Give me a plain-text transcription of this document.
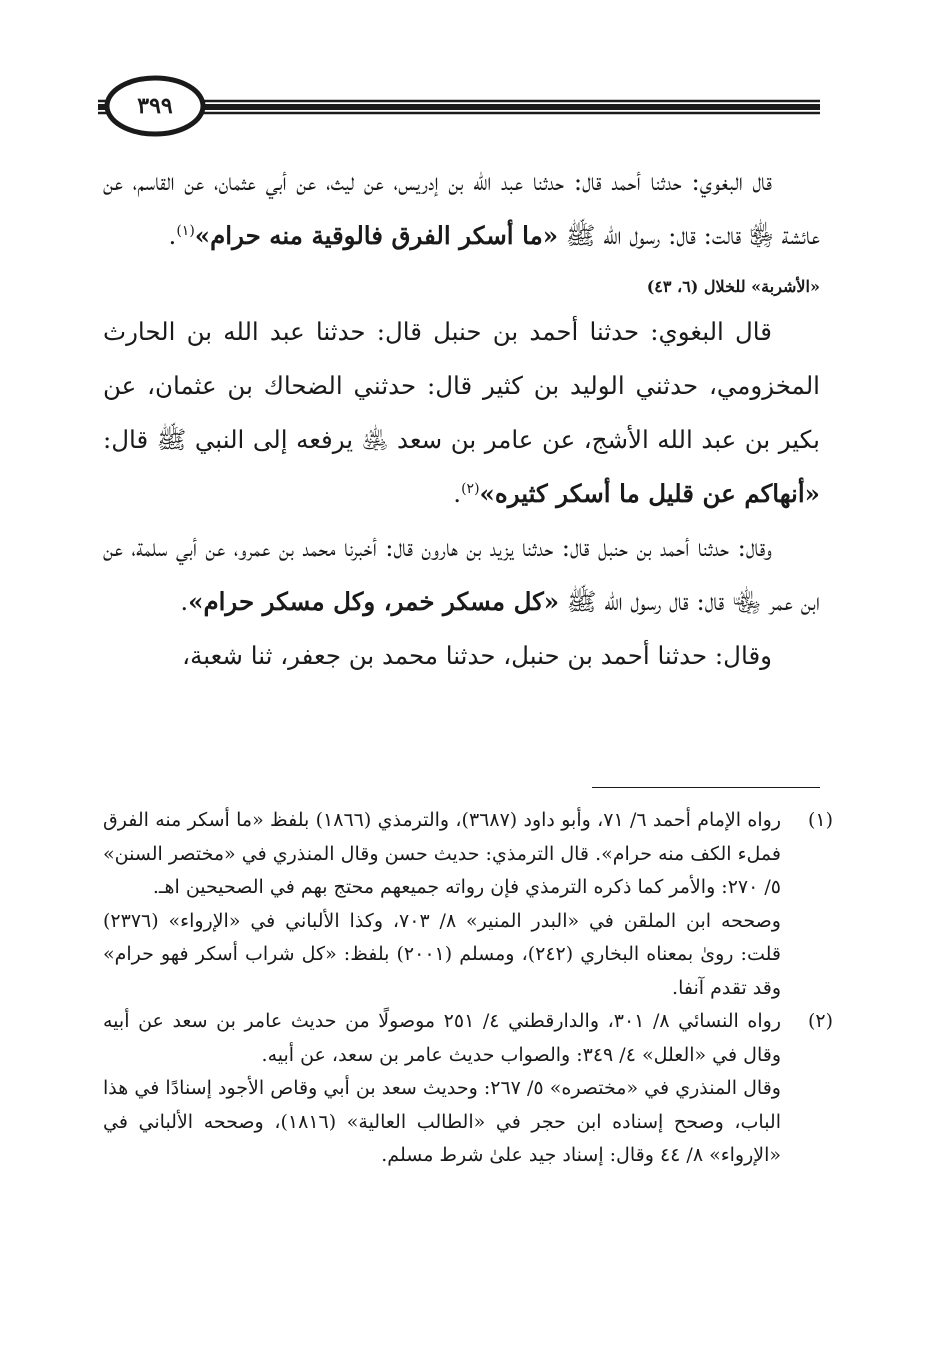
٣٩٩

قال البغوي: حدثنا أحمد قال: حدثنا عبد الله بن إدريس، عن ليث، عن أبي عثمان، عن القاسم، عن عائشة ﵂ قالت: قال: رسول الله ﷺ «ما أسكر الفرق فالوقية منه حرام»$^{(١)}$.

«الأشربة» للخلال (٦، ٤٣)

قال البغوي: حدثنا أحمد بن حنبل قال: حدثنا عبد الله بن الحارث المخزومي، حدثني الوليد بن كثير قال: حدثني الضحاك بن عثمان، عن بكير بن عبد الله الأشج، عن عامر بن سعد ﵁ يرفعه إلى النبي ﷺ قال: «أنهاكم عن قليل ما أسكر كثيره»$^{(٢)}$.

وقال: حدثنا أحمد بن حنبل قال: حدثنا يزيد بن هارون قال: أخبرنا محمد بن عمرو، عن أبي سلمة، عن ابن عمر ﵄ قال: قال رسول الله ﷺ «كل مسكر خمر، وكل مسكر حرام».

وقال: حدثنا أحمد بن حنبل، حدثنا محمد بن جعفر، ثنا شعبة،

(١)

رواه الإمام أحمد ٦/ ٧١، وأبو داود (٣٦٨٧)، والترمذي (١٨٦٦) بلفظ «ما أسكر منه الفرق فملء الكف منه حرام». قال الترمذي: حديث حسن وقال المنذري في «مختصر السنن» ٥/ ٢٧٠: والأمر كما ذكره الترمذي فإن رواته جميعهم محتج بهم في الصحيحين اهـ.

وصححه ابن الملقن في «البدر المنير» ٨/ ٧٠٣، وكذا الألباني في «الإرواء» (٢٣٧٦) قلت: روىٰ بمعناه البخاري (٢٤٢)، ومسلم (٢٠٠١) بلفظ: «كل شراب أسكر فهو حرام» وقد تقدم آنفا.

(٢)

رواه النسائي ٨/ ٣٠١، والدارقطني ٤/ ٢٥١ موصولًا من حديث عامر بن سعد عن أبيه وقال في «العلل» ٤/ ٣٤٩: والصواب حديث عامر بن سعد، عن أبيه.

وقال المنذري في «مختصره» ٥/ ٢٦٧: وحديث سعد بن أبي وقاص الأجود إسنادًا في هذا الباب، وصحح إسناده ابن حجر في «الطالب العالية» (١٨١٦)، وصححه الألباني في «الإرواء» ٨/ ٤٤ وقال: إسناد جيد علىٰ شرط مسلم.
